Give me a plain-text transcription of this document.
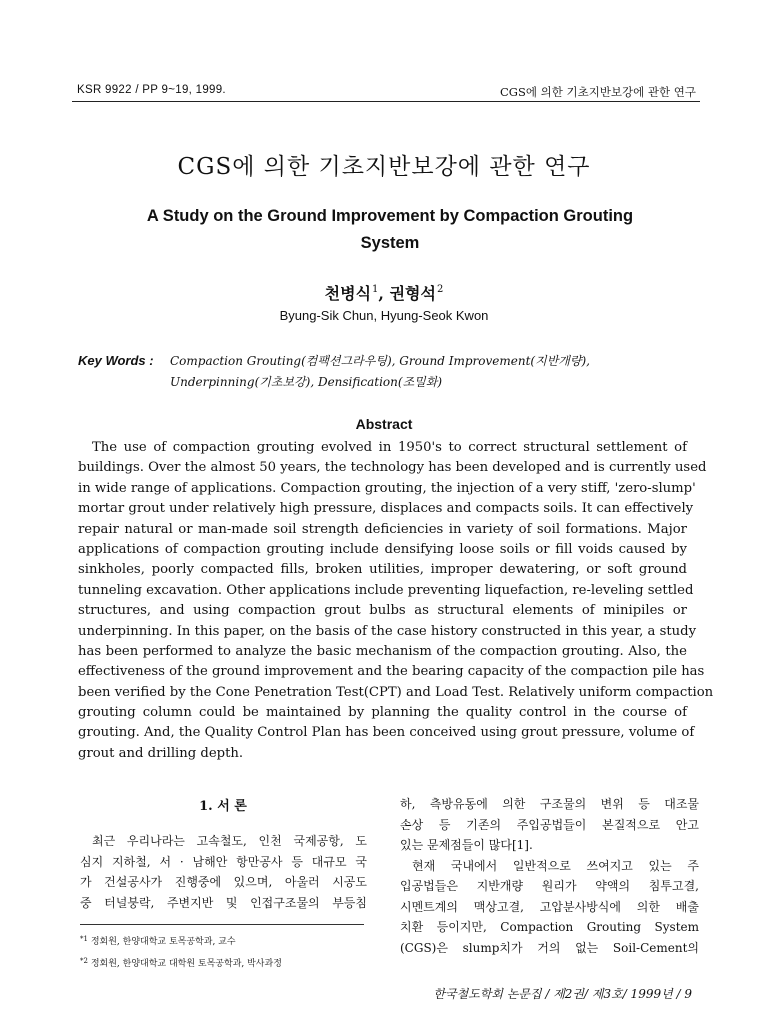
KSR 9922 / PP 9~19, 1999.	CGS에 의한 기초지반보강에 관한 연구
CGS에 의한 기초지반보강에 관한 연구
A Study on the Ground Improvement by Compaction Grouting System
천병식$^1$, 권형석$^2$
Byung-Sik Chun, Hyung-Seok Kwon
Key Words : Compaction Grouting(컴팩션그라우팅), Ground Improvement(지반개량),
Underpinning(기초보강), Densification(조밀화)
Abstract
The use of compaction grouting evolved in 1950's to correct structural settlement of
buildings. Over the almost 50 years, the technology has been developed and is currently used
in wide range of applications. Compaction grouting, the injection of a very stiff, 'zero-slump'
mortar grout under relatively high pressure, displaces and compacts soils. It can effectively
repair natural or man-made soil strength deficiencies in variety of soil formations. Major
applications of compaction grouting include densifying loose soils or fill voids caused by
sinkholes, poorly compacted fills, broken utilities, improper dewatering, or soft ground
tunneling excavation. Other applications include preventing liquefaction, re-leveling settled
structures, and using compaction grout bulbs as structural elements of minipiles or
underpinning. In this paper, on the basis of the case history constructed in this year, a study
has been performed to analyze the basic mechanism of the compaction grouting. Also, the
effectiveness of the ground improvement and the bearing capacity of the compaction pile has
been verified by the Cone Penetration Test(CPT) and Load Test. Relatively uniform compaction
grouting column could be maintained by planning the quality control in the course of
grouting. And, the Quality Control Plan has been conceived using grout pressure, volume of
grout and drilling depth.
1. 서 론
최근 우리나라는 고속철도, 인천 국제공항, 도
심지 지하철, 서 · 남해안 항만공사 등 대규모 국
가 건설공사가 진행중에 있으며, 아울러 시공도
중 터널붕락, 주변지반 및 인접구조물의 부등침
하, 측방유동에 의한 구조물의 변위 등 대조물
손상 등 기존의 주입공법들이 본질적으로 안고
있는 문제점들이 많다[1].
현재 국내에서 일반적으로 쓰여지고 있는 주
입공법들은 지반개량 원리가 약액의 침투고결,
시멘트계의 맥상고결, 고압분사방식에 의한 배출
치환 등이지만, Compaction Grouting System
(CGS)은 slump치가 거의 없는 Soil-Cement의
$^{*1}$ 정회원, 한양대학교 토목공학과, 교수
$^{*2}$ 정회원, 한양대학교 대학원 토목공학과, 박사과정
한국철도학회 논문집 / 제2권/ 제3호/ 1999년 / 9
